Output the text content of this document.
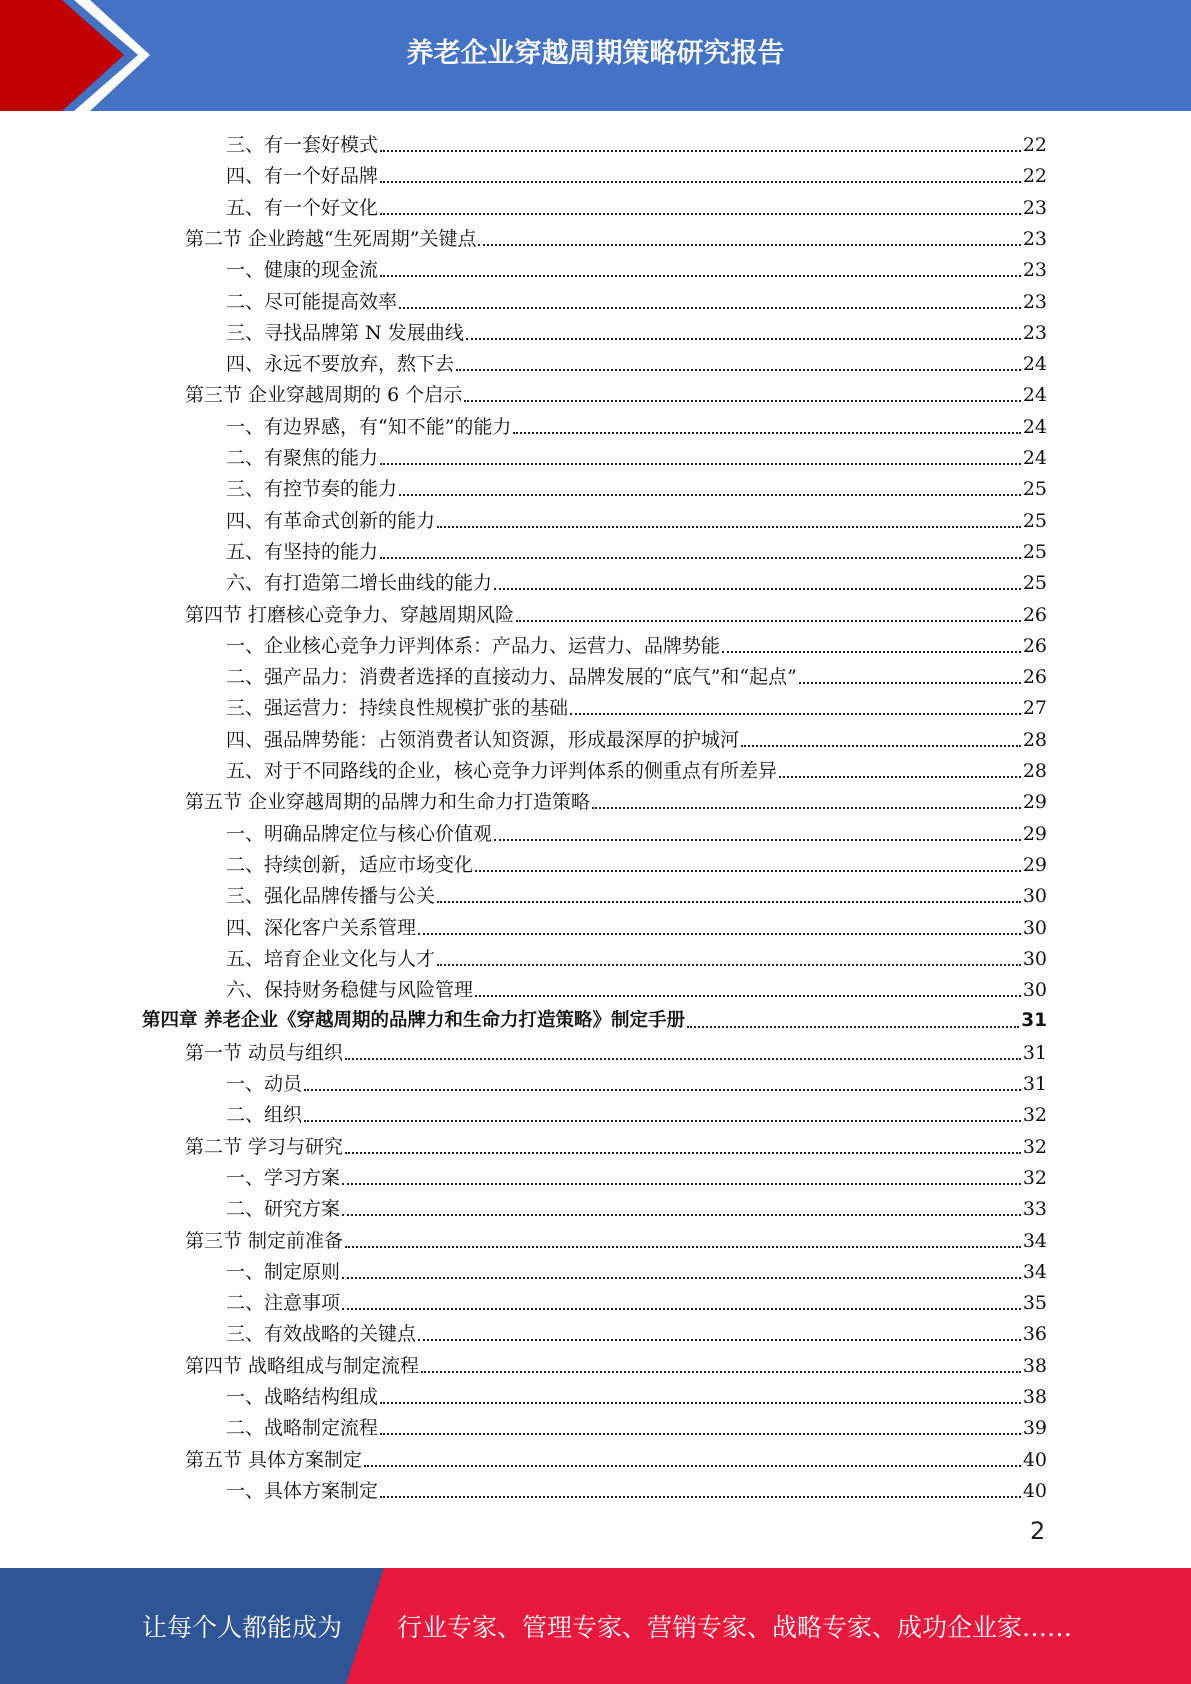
养老企业穿越周期策略研究报告
三、有一套好模式	22
四、有一个好品牌	22
五、有一个好文化	23
第二节 企业跨越“生死周期”关键点	23
一、健康的现金流	23
二、尽可能提高效率	23
三、寻找品牌第 N 发展曲线	23
四、永远不要放弃，熬下去	24
第三节 企业穿越周期的 6 个启示	24
一、有边界感，有“知不能”的能力	24
二、有聚焦的能力	24
三、有控节奏的能力	25
四、有革命式创新的能力	25
五、有坚持的能力	25
六、有打造第二增长曲线的能力	25
第四节 打磨核心竞争力、穿越周期风险	26
一、企业核心竞争力评判体系：产品力、运营力、品牌势能	26
二、强产品力：消费者选择的直接动力、品牌发展的“底气”和“起点”	26
三、强运营力：持续良性规模扩张的基础	27
四、强品牌势能：占领消费者认知资源，形成最深厚的护城河	28
五、对于不同路线的企业，核心竞争力评判体系的侧重点有所差异	28
第五节 企业穿越周期的品牌力和生命力打造策略	29
一、明确品牌定位与核心价值观	29
二、持续创新，适应市场变化	29
三、强化品牌传播与公关	30
四、深化客户关系管理	30
五、培育企业文化与人才	30
六、保持财务稳健与风险管理	30
第四章 养老企业《穿越周期的品牌力和生命力打造策略》制定手册	31
第一节 动员与组织	31
一、动员	31
二、组织	32
第二节 学习与研究	32
一、学习方案	32
二、研究方案	33
第三节 制定前准备	34
一、制定原则	34
二、注意事项	35
三、有效战略的关键点	36
第四节 战略组成与制定流程	38
一、战略结构组成	38
二、战略制定流程	39
第五节 具体方案制定	40
一、具体方案制定	40
2
让每个人都能成为 行业专家、管理专家、营销专家、战略专家、成功企业家……
